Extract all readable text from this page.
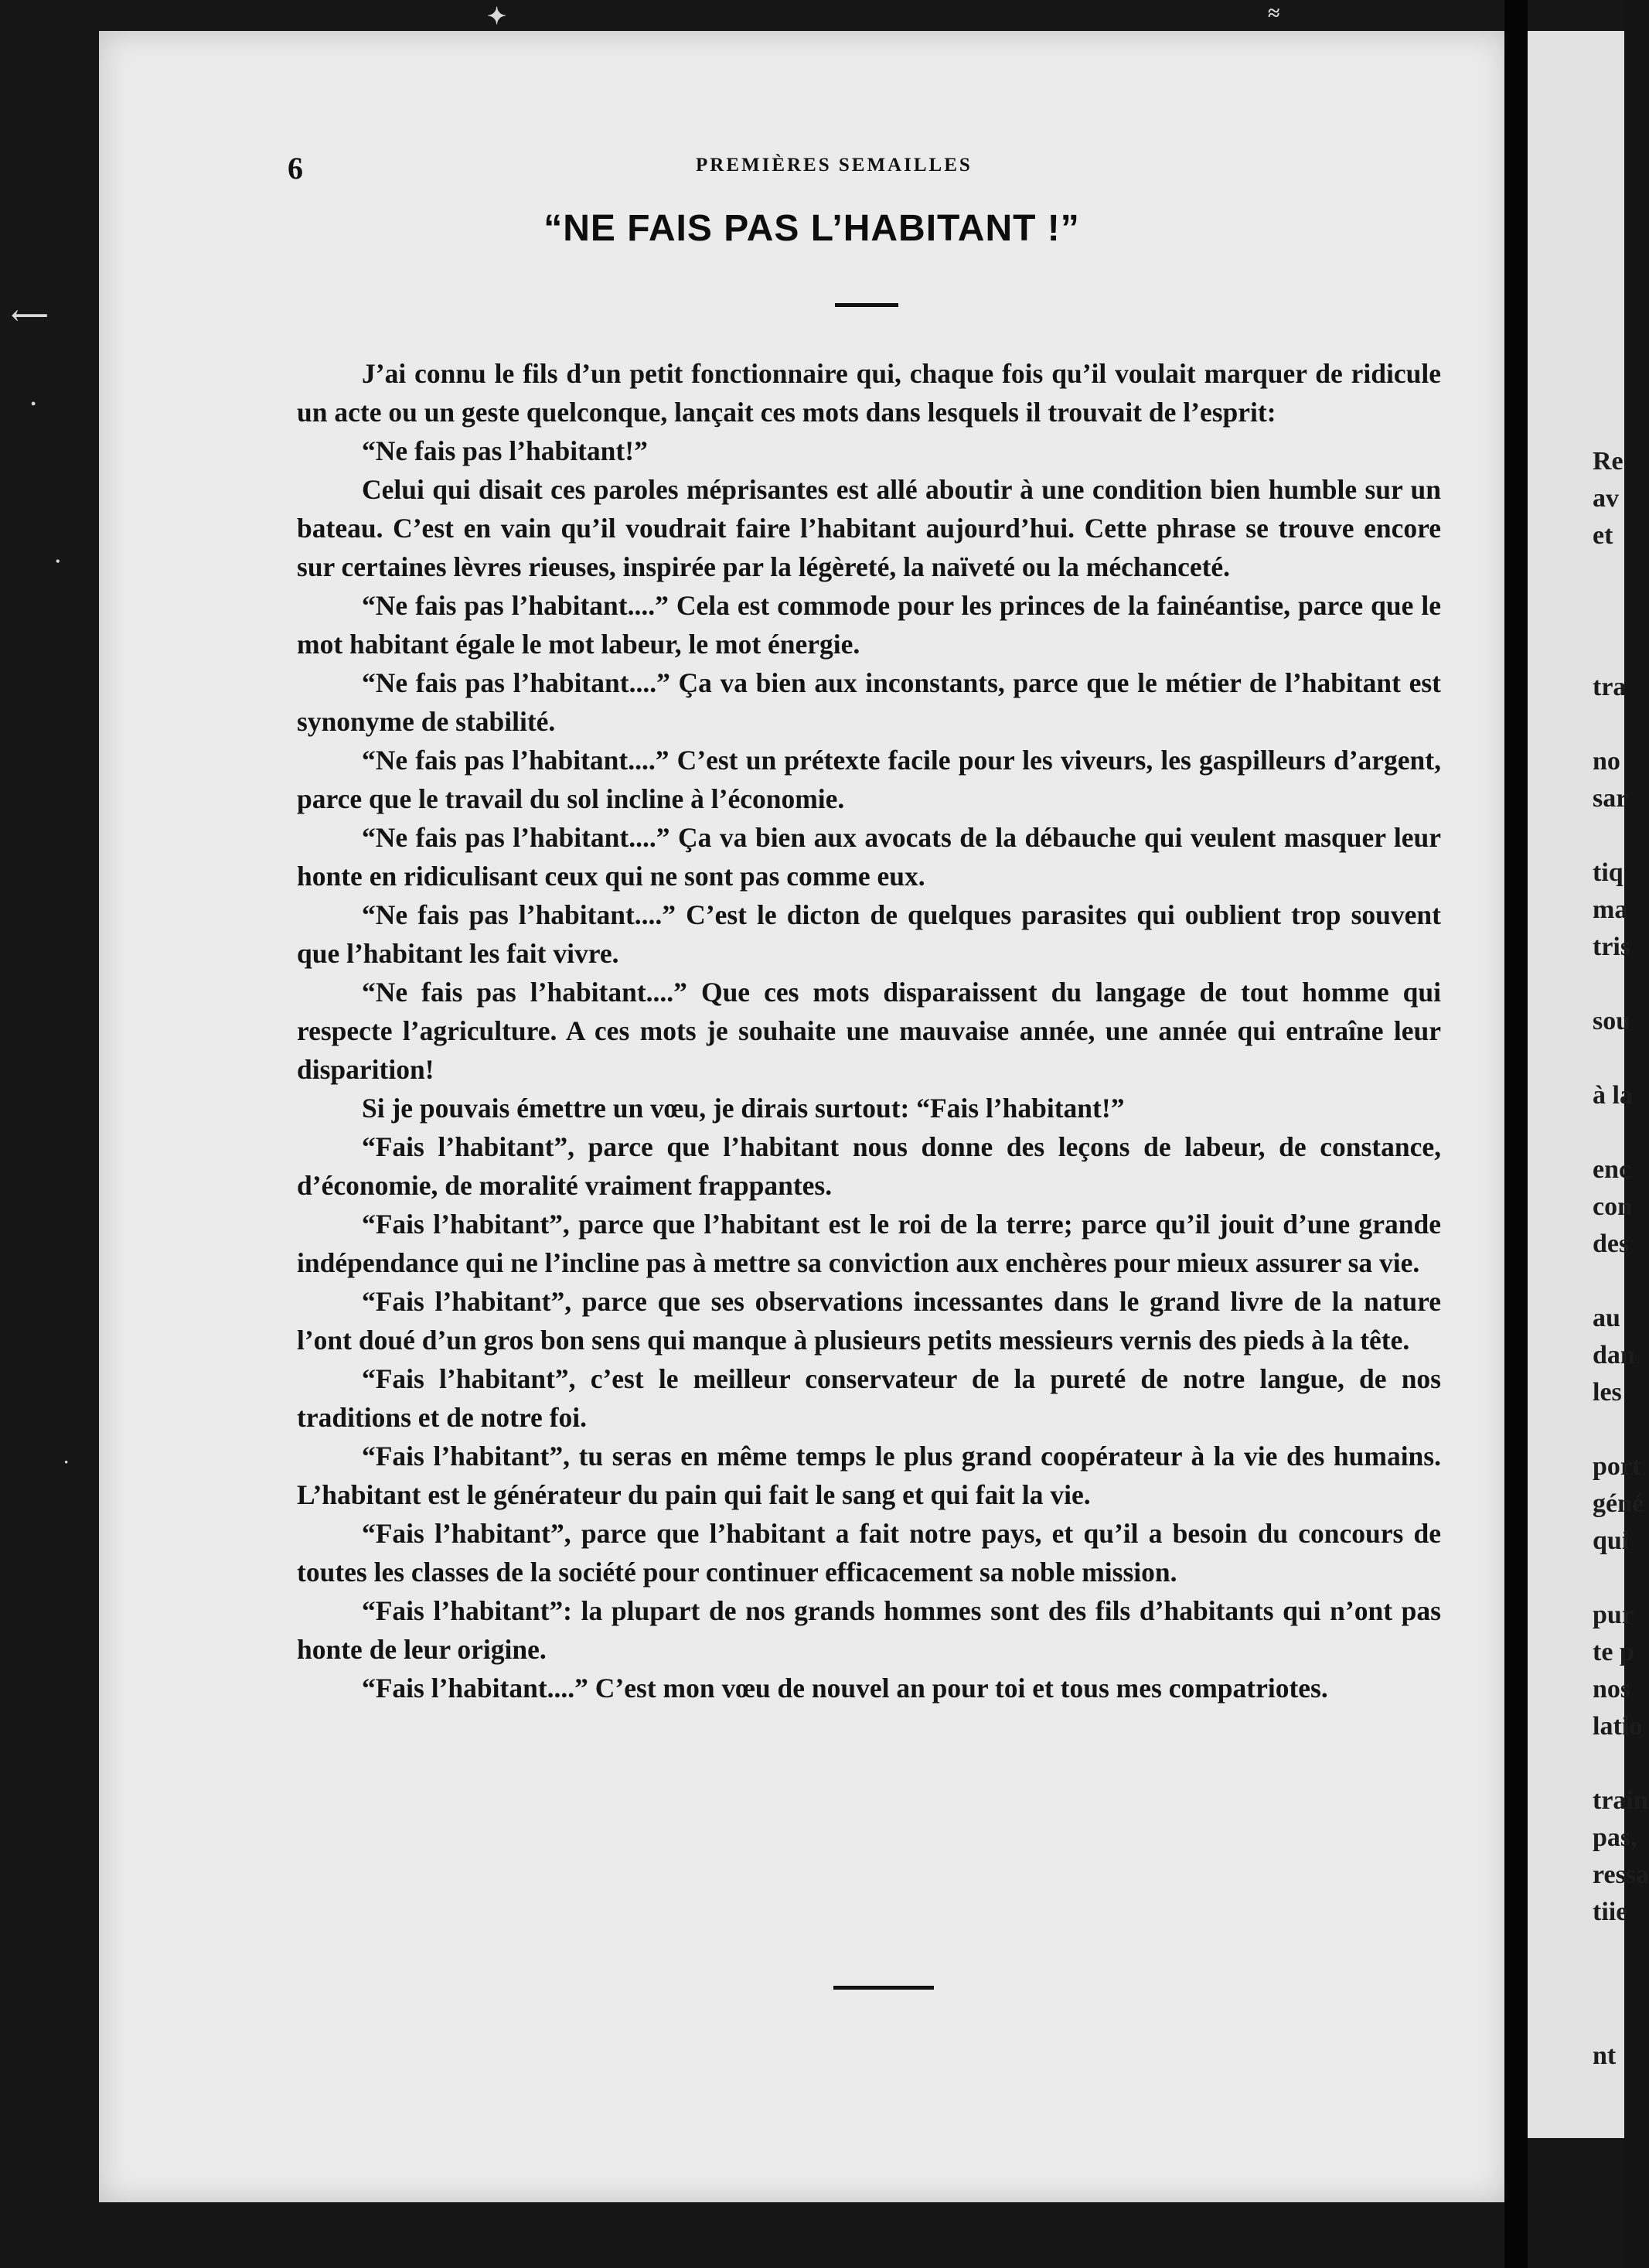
⟵
•
•
·
✦	≈
6	PREMIÈRES SEMAILLES
“NE FAIS PAS L’HABITANT !”

J’ai connu le fils d’un petit fonctionnaire qui, chaque fois qu’il voulait marquer de ridicule un acte ou un geste quelconque, lançait ces mots dans lesquels il trouvait de l’esprit:

“Ne fais pas l’habitant!”

Celui qui disait ces paroles méprisantes est allé aboutir à une condition bien humble sur un bateau. C’est en vain qu’il voudrait faire l’habitant aujourd’hui. Cette phrase se trouve encore sur certaines lèvres rieuses, inspirée par la légèreté, la naïveté ou la méchanceté.

“Ne fais pas l’habitant....” Cela est commode pour les princes de la fainéantise, parce que le mot habitant égale le mot labeur, le mot énergie.

“Ne fais pas l’habitant....” Ça va bien aux inconstants, parce que le métier de l’habitant est synonyme de stabilité.

“Ne fais pas l’habitant....” C’est un prétexte facile pour les viveurs, les gaspilleurs d’argent, parce que le travail du sol incline à l’économie.

“Ne fais pas l’habitant....” Ça va bien aux avocats de la débauche qui veulent masquer leur honte en ridiculisant ceux qui ne sont pas comme eux.

“Ne fais pas l’habitant....” C’est le dicton de quelques parasites qui oublient trop souvent que l’habitant les fait vivre.

“Ne fais pas l’habitant....” Que ces mots disparaissent du langage de tout homme qui respecte l’agriculture. A ces mots je souhaite une mauvaise année, une année qui entraîne leur disparition!

Si je pouvais émettre un vœu, je dirais surtout: “Fais l’habitant!”

“Fais l’habitant”, parce que l’habitant nous donne des leçons de labeur, de constance, d’économie, de moralité vraiment frappantes.

“Fais l’habitant”, parce que l’habitant est le roi de la terre; parce qu’il jouit d’une grande indépendance qui ne l’incline pas à mettre sa conviction aux enchères pour mieux assurer sa vie.

“Fais l’habitant”, parce que ses observations incessantes dans le grand livre de la nature l’ont doué d’un gros bon sens qui manque à plusieurs petits messieurs vernis des pieds à la tête.

“Fais l’habitant”, c’est le meilleur conservateur de la pureté de notre langue, de nos traditions et de notre foi.

“Fais l’habitant”, tu seras en même temps le plus grand coopérateur à la vie des humains. L’habitant est le générateur du pain qui fait le sang et qui fait la vie.

“Fais l’habitant”, parce que l’habitant a fait notre pays, et qu’il a besoin du concours de toutes les classes de la société pour continuer efficacement sa noble mission.

“Fais l’habitant”: la plupart de nos grands hommes sont des fils d’habitants qui n’ont pas honte de leur origine.

“Fais l’habitant....” C’est mon vœu de nouvel an pour toi et tous mes compatriotes.

Re
av
et
tra
no
sar
tiq
ma
tris
sou
à la
enc
con
des
au
dan
les
port
géné
qui
pur
te p
nos
latio
train
pas,
ressa
tiie
nt
